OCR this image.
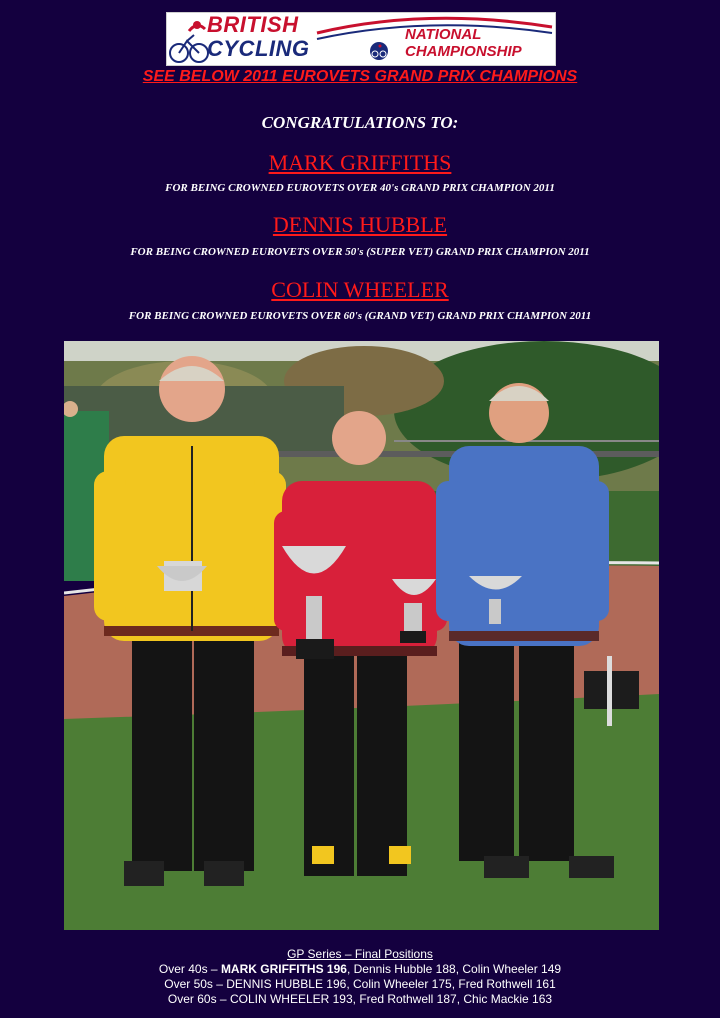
BRITISH
CYCLING
NATIONAL
CHAMPIONSHIP
SEE BELOW 2011 EUROVETS GRAND PRIX CHAMPIONS
CONGRATULATIONS TO:
MARK GRIFFITHS
FOR BEING CROWNED EUROVETS OVER 40's GRAND PRIX CHAMPION 2011
DENNIS HUBBLE
FOR BEING CROWNED EUROVETS OVER 50's (SUPER VET) GRAND PRIX CHAMPION 2011
COLIN WHEELER
FOR BEING CROWNED EUROVETS OVER 60's (GRAND VET) GRAND PRIX CHAMPION 2011
GP Series – Final Positions
Over 40s – MARK GRIFFITHS 196, Dennis Hubble 188, Colin Wheeler 149
Over 50s – DENNIS HUBBLE 196, Colin Wheeler 175, Fred Rothwell 161
Over 60s – COLIN WHEELER 193, Fred Rothwell 187, Chic Mackie 163
